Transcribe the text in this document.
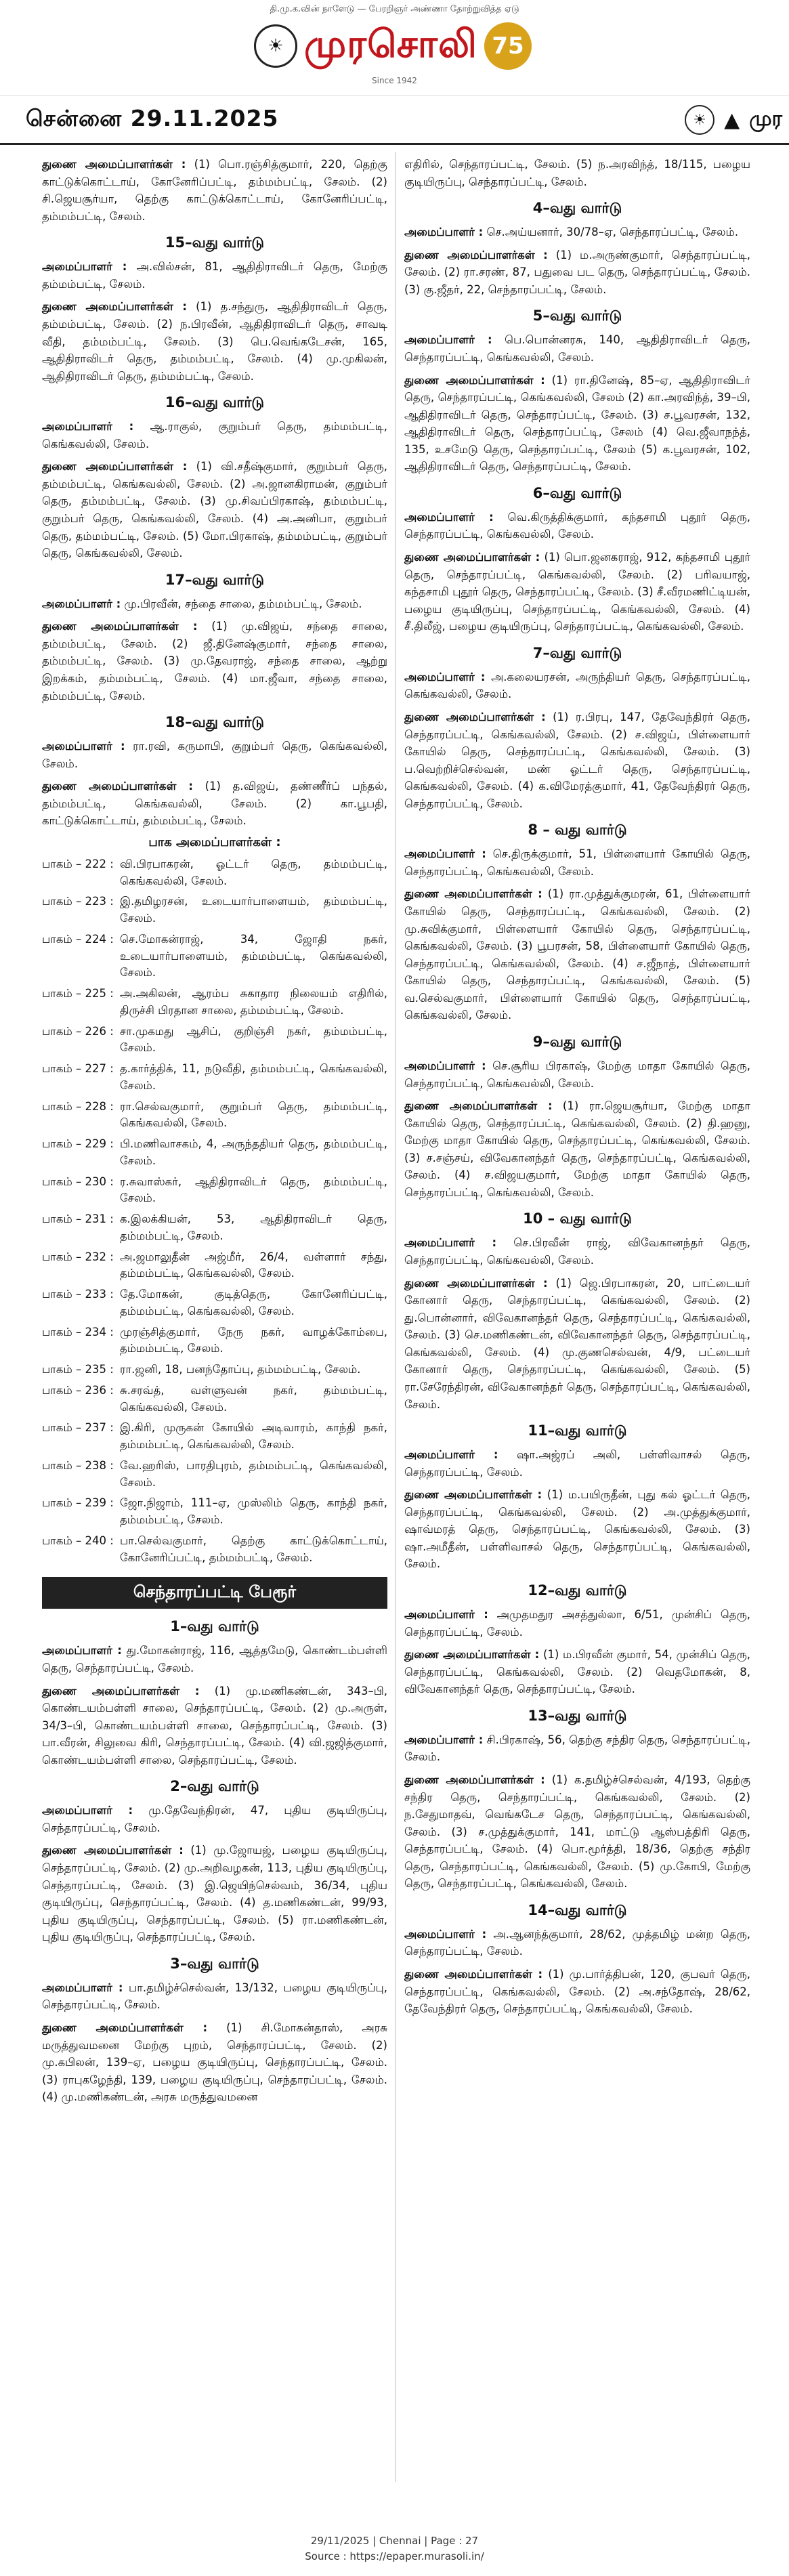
தி.மு.க.வின் நாளேடு — பேரறிஞர் அண்ணா தோற்றுவித்த ஏடு
☀ முரசொலி 75
Since 1942
சென்னை 29.11.2025	☀ ▲ முர

துணை அமைப்பாளர்கள் : (1) பொ.ரஞ்சித்குமார், 220, தெற்கு காட்டுக்கொட்டாய், கோனேரிப்பட்டி, தம்மம்பட்டி, சேலம். (2) சி.ஜெயசூர்யா, தெற்கு காட்டுக்கொட்டாய், கோனேரிப்பட்டி, தம்மம்பட்டி, சேலம்.

15–வது வார்டு

அமைப்பாளர் : அ.வில்சன், 81, ஆதிதிராவிடர் தெரு, மேற்கு தம்மம்பட்டி, சேலம்.

துணை அமைப்பாளர்கள் : (1) த.சந்துரு, ஆதிதிராவிடர் தெரு, தம்மம்பட்டி, சேலம். (2) ந.பிரவீன், ஆதிதிராவிடர் தெரு, சாவடி வீதி, தம்மம்பட்டி, சேலம். (3) பெ.வெங்கடேசன், 165, ஆதிதிராவிடர் தெரு, தம்மம்பட்டி, சேலம். (4) மு.முகிலன், ஆதிதிராவிடர் தெரு, தம்மம்பட்டி, சேலம்.

16–வது வார்டு

அமைப்பாளர் : ஆ.ராகுல், குறும்பர் தெரு, தம்மம்பட்டி, கெங்கவல்லி, சேலம்.

துணை அமைப்பாளர்கள் : (1) வி.சதீஷ்குமார், குறும்பர் தெரு, தம்மம்பட்டி, கெங்கவல்லி, சேலம். (2) அ.ஜானகிராமன், குறும்பர் தெரு, தம்மம்பட்டி, சேலம். (3) மு.சிவப்பிரகாஷ், தம்மம்பட்டி, குறும்பர் தெரு, கெங்கவல்லி, சேலம். (4) அ.அனிபா, குறும்பர் தெரு, தம்மம்பட்டி, சேலம். (5) மோ.பிரகாஷ், தம்மம்பட்டி, குறும்பர் தெரு, கெங்கவல்லி, சேலம்.

17–வது வார்டு

அமைப்பாளர் : மு.பிரவீன், சந்தை சாலை, தம்மம்பட்டி, சேலம்.

துணை அமைப்பாளர்கள் : (1) மு.விஜய், சந்தை சாலை, தம்மம்பட்டி, சேலம். (2) ஜீ.தினேஷ்குமார், சந்தை சாலை, தம்மம்பட்டி, சேலம். (3) மு.தேவராஜ், சந்தை சாலை, ஆற்று இறக்கம், தம்மம்பட்டி, சேலம். (4) மா.ஜீவா, சந்தை சாலை, தம்மம்பட்டி, சேலம்.

18–வது வார்டு

அமைப்பாளர் : ரா.ரவி, கருமாபி, குறும்பர் தெரு, கெங்கவல்லி, சேலம்.

துணை அமைப்பாளர்கள் : (1) த.விஜய், தண்ணீர்ப் பந்தல், தம்மம்பட்டி, கெங்கவல்லி, சேலம். (2) கா.பூபதி, காட்டுக்கொட்டாய், தம்மம்பட்டி, சேலம்.

பாக அமைப்பாளர்கள் :
பாகம் – 222 : வி.பிரபாகரன், ஓட்டர் தெரு, தம்மம்பட்டி, கெங்கவல்லி, சேலம்.
பாகம் – 223 : இ.தமிழரசன், உடையார்பாளையம், தம்மம்பட்டி, சேலம்.
பாகம் – 224 : செ.மோகன்ராஜ், 34, ஜோதி நகர், உடையார்பாளையம், தம்மம்பட்டி, கெங்கவல்லி, சேலம்.
பாகம் – 225 : அ.அகிலன், ஆரம்ப சுகாதார நிலையம் எதிரில், திருச்சி பிரதான சாலை, தம்மம்பட்டி, சேலம்.
பாகம் – 226 : சா.முகமது ஆசிப், குறிஞ்சி நகர், தம்மம்பட்டி, சேலம்.
பாகம் – 227 : த.கார்த்திக், 11, நடுவீதி, தம்மம்பட்டி, கெங்கவல்லி, சேலம்.
பாகம் – 228 : ரா.செல்வகுமார், குறும்பர் தெரு, தம்மம்பட்டி, கெங்கவல்லி, சேலம்.
பாகம் – 229 : பி.மணிவாசகம், 4, அருந்ததியர் தெரு, தம்மம்பட்டி, சேலம்.
பாகம் – 230 : ர.சுவாஸ்கர், ஆதிதிராவிடர் தெரு, தம்மம்பட்டி, சேலம்.
பாகம் – 231 : க.இலக்கியன், 53, ஆதிதிராவிடர் தெரு, தம்மம்பட்டி, சேலம்.
பாகம் – 232 : அ.ஜமாலுதீன் அஜ்மீர், 26/4, வள்ளார் சந்து, தம்மம்பட்டி, கெங்கவல்லி, சேலம்.
பாகம் – 233 : தே.மோகன், குடித்தெரு, கோனேரிப்பட்டி, தம்மம்பட்டி, கெங்கவல்லி, சேலம்.
பாகம் – 234 : முரஞ்சித்குமார், நேரு நகர், வாழக்கோம்பை, தம்மம்பட்டி, சேலம்.
பாகம் – 235 : ரா.ஜனி, 18, பனந்தோப்பு, தம்மம்பட்டி, சேலம்.
பாகம் – 236 : சு.சரவ்த், வள்ளுவன் நகர், தம்மம்பட்டி, கெங்கவல்லி, சேலம்.
பாகம் – 237 : இ.கிரி, முருகன் கோயில் அடிவாரம், காந்தி நகர், தம்மம்பட்டி, கெங்கவல்லி, சேலம்.
பாகம் – 238 : வே.ஹரிஸ், பாரதிபுரம், தம்மம்பட்டி, கெங்கவல்லி, சேலம்.
பாகம் – 239 : ஜோ.நிஜாம், 111–ஏ, முஸ்லிம் தெரு, காந்தி நகர், தம்மம்பட்டி, சேலம்.
பாகம் – 240 : பா.செல்வகுமார், தெற்கு காட்டுக்கொட்டாய், கோனேரிப்பட்டி, தம்மம்பட்டி, சேலம்.
செந்தாரப்பட்டி பேரூர்
1–வது வார்டு

அமைப்பாளர் : து.மோகன்ராஜ், 116, ஆத்தமேடு, கொண்டம்பள்ளி தெரு, செந்தாரப்பட்டி, சேலம்.

துணை அமைப்பாளர்கள் : (1) மு.மணிகண்டன், 343–பி, கொண்டயம்பள்ளி சாலை, செந்தாரப்பட்டி, சேலம். (2) மு.அருள், 34/3–பி, கொண்டயம்பள்ளி சாலை, செந்தாரப்பட்டி, சேலம். (3) பா.வீரன், சிலுவை கிரி, செந்தாரப்பட்டி, சேலம். (4) வி.ஜஜித்குமார், கொண்டயம்பள்ளி சாலை, செந்தாரப்பட்டி, சேலம்.

2–வது வார்டு

அமைப்பாளர் : மு.தேவேந்திரன், 47, புதிய குடியிருப்பு, செந்தாரப்பட்டி, சேலம்.

துணை அமைப்பாளர்கள் : (1) மு.ஜோயஜ், பழைய குடியிருப்பு, செந்தாரப்பட்டி, சேலம். (2) மு.அறிவழகன், 113, புதிய குடியிருப்பு, செந்தாரப்பட்டி, சேலம். (3) இ.ஜெயிந்செல்வம், 36/34, புதிய குடியிருப்பு, செந்தாரப்பட்டி, சேலம். (4) த.மணிகண்டன், 99/93, புதிய குடியிருப்பு, செந்தாரப்பட்டி, சேலம். (5) ரா.மணிகண்டன், புதிய குடியிருப்பு, செந்தாரப்பட்டி, சேலம்.

3–வது வார்டு

அமைப்பாளர் : பா.தமிழ்ச்செல்வன், 13/132, பழைய குடியிருப்பு, செந்தாரப்பட்டி, சேலம்.

துணை அமைப்பாளர்கள் : (1) சி.மோகன்தாஸ், அரசு மருத்துவமனை மேற்கு புறம், செந்தாரப்பட்டி, சேலம். (2) மு.கபிலன், 139–ஏ, பழைய குடியிருப்பு, செந்தாரப்பட்டி, சேலம். (3) ராபுகழேந்தி, 139, பழைய குடியிருப்பு, செந்தாரப்பட்டி, சேலம். (4) மு.மணிகண்டன், அரசு மருத்துவமனை

எதிரில், செந்தாரப்பட்டி, சேலம். (5) ந.அரவிந்த், 18/115, பழைய குடியிருப்பு, செந்தாரப்பட்டி, சேலம்.

4–வது வார்டு

அமைப்பாளர் : செ.அய்யனார், 30/78–ஏ, செந்தாரப்பட்டி, சேலம்.

துணை அமைப்பாளர்கள் : (1) ம.அருண்குமார், செந்தாரப்பட்டி, சேலம். (2) ரா.சரண், 87, பதுவை பட தெரு, செந்தாரப்பட்டி, சேலம். (3) கு.ஜீதர், 22, செந்தாரப்பட்டி, சேலம்.

5–வது வார்டு

அமைப்பாளர் : பெ.பொன்னரசு, 140, ஆதிதிராவிடர் தெரு, செந்தாரப்பட்டி, கெங்கவல்லி, சேலம்.

துணை அமைப்பாளர்கள் : (1) ரா.தினேஷ், 85–ஏ, ஆதிதிராவிடர் தெரு, செந்தாரப்பட்டி, கெங்கவல்லி, சேலம் (2) கா.அரவிந்த், 39–பி, ஆதிதிராவிடர் தெரு, செந்தாரப்பட்டி, சேலம். (3) ச.பூவரசன், 132, ஆதிதிராவிடர் தெரு, செந்தாரப்பட்டி, சேலம் (4) வெ.ஜீவாநந்த், 135, உசமேடு தெரு, செந்தாரப்பட்டி, சேலம் (5) க.பூவரசன், 102, ஆதிதிராவிடர் தெரு, செந்தாரப்பட்டி, சேலம்.

6–வது வார்டு

அமைப்பாளர் : வெ.கிருத்திக்குமார், கந்தசாமி புதூர் தெரு, செந்தாரப்பட்டி, கெங்கவல்லி, சேலம்.

துணை அமைப்பாளர்கள் : (1) பொ.ஜனகராஜ், 912, கந்தசாமி புதூர் தெரு, செந்தாரப்பட்டி, கெங்கவல்லி, சேலம். (2) பரிவயாஜ், கந்தசாமி புதூர் தெரு, செந்தாரப்பட்டி, சேலம். (3) சீ.வீரமணிட்டியன், பழைய குடியிருப்பு, செந்தாரப்பட்டி, கெங்கவல்லி, சேலம். (4) சீ.திலீஜ், பழைய குடியிருப்பு, செந்தாரப்பட்டி, கெங்கவல்லி, சேலம்.

7–வது வார்டு

அமைப்பாளர் : அ.கலையரசன், அருந்தியர் தெரு, செந்தாரப்பட்டி, கெங்கவல்லி, சேலம்.

துணை அமைப்பாளர்கள் : (1) ர.பிரபு, 147, தேவேந்திரர் தெரு, செந்தாரப்பட்டி, கெங்கவல்லி, சேலம். (2) ச.விஜய், பிள்ளையார் கோயில் தெரு, செந்தாரப்பட்டி, கெங்கவல்லி, சேலம். (3) ப.வெற்றிச்செல்வன், மண் ஓட்டர் தெரு, செந்தாரப்பட்டி, கெங்கவல்லி, சேலம். (4) க.விமேரத்குமார், 41, தேவேந்திரர் தெரு, செந்தாரப்பட்டி, சேலம்.

8 – வது வார்டு

அமைப்பாளர் : செ.திருக்குமார், 51, பிள்ளையார் கோயில் தெரு, செந்தாரப்பட்டி, கெங்கவல்லி, சேலம்.

துணை அமைப்பாளர்கள் : (1) ரா.முத்துக்குமரன், 61, பிள்ளையார் கோயில் தெரு, செந்தாரப்பட்டி, கெங்கவல்லி, சேலம். (2) மு.சுவிக்குமார், பிள்ளையார் கோயில் தெரு, செந்தாரப்பட்டி, கெங்கவல்லி, சேலம். (3) பூபரசன், 58, பிள்ளையார் கோயில் தெரு, செந்தாரப்பட்டி, கெங்கவல்லி, சேலம். (4) ச.ஜீநாத், பிள்ளையார் கோயில் தெரு, செந்தாரப்பட்டி, கெங்கவல்லி, சேலம். (5) வ.செல்வகுமார், பிள்ளையார் கோயில் தெரு, செந்தாரப்பட்டி, கெங்கவல்லி, சேலம்.

9–வது வார்டு

அமைப்பாளர் : செ.சூரிய பிரகாஷ், மேற்கு மாதா கோயில் தெரு, செந்தாரப்பட்டி, கெங்கவல்லி, சேலம்.

துணை அமைப்பாளர்கள் : (1) ரா.ஜெயசூர்யா, மேற்கு மாதா கோயில் தெரு, செந்தாரப்பட்டி, கெங்கவல்லி, சேலம். (2) தி.ஹனு, மேற்கு மாதா கோயில் தெரு, செந்தாரப்பட்டி, கெங்கவல்லி, சேலம். (3) ச.சஞ்சய், விவேகானந்தர் தெரு, செந்தாரப்பட்டி, கெங்கவல்லி, சேலம். (4) ச.விஜயகுமார், மேற்கு மாதா கோயில் தெரு, செந்தாரப்பட்டி, கெங்கவல்லி, சேலம்.

10 – வது வார்டு

அமைப்பாளர் : செ.பிரவீன் ராஜ், விவேகானந்தர் தெரு, செந்தாரப்பட்டி, கெங்கவல்லி, சேலம்.

துணை அமைப்பாளர்கள் : (1) ஜெ.பிரபாகரன், 20, பாட்டையர் கோனார் தெரு, செந்தாரப்பட்டி, கெங்கவல்லி, சேலம். (2) து.பொன்னார், விவேகானந்தர் தெரு, செந்தாரப்பட்டி, கெங்கவல்லி, சேலம். (3) செ.மணிகண்டன், விவேகானந்தர் தெரு, செந்தாரப்பட்டி, கெங்கவல்லி, சேலம். (4) மு.குணசெல்வன், 4/9, பட்டையர் கோனார் தெரு, செந்தாரப்பட்டி, கெங்கவல்லி, சேலம். (5) ரா.சேரேந்திரன், விவேகானந்தர் தெரு, செந்தாரப்பட்டி, கெங்கவல்லி, சேலம்.

11–வது வார்டு

அமைப்பாளர் : ஷா.அஜ்ரப் அலி, பள்ளிவாசல் தெரு, செந்தாரப்பட்டி, சேலம்.

துணை அமைப்பாளர்கள் : (1) ம.பயிருதீன், புது கல் ஓட்டர் தெரு, செந்தாரப்பட்டி, கெங்கவல்லி, சேலம். (2) அ.முத்துக்குமார், ஷாவ்மரத் தெரு, செந்தாரப்பட்டி, கெங்கவல்லி, சேலம். (3) ஷா.அமீதீன், பள்ளிவாசல் தெரு, செந்தாரப்பட்டி, கெங்கவல்லி, சேலம்.

12–வது வார்டு

அமைப்பாளர் : அமுதமதுர அசத்துல்லா, 6/51, முன்சிப் தெரு, செந்தாரப்பட்டி, சேலம்.

துணை அமைப்பாளர்கள் : (1) ம.பிரவீன் குமார், 54, முன்சிப் தெரு, செந்தாரப்பட்டி, கெங்கவல்லி, சேலம். (2) வெதமோகன், 8, விவேகானந்தர் தெரு, செந்தாரப்பட்டி, சேலம்.

13–வது வார்டு

அமைப்பாளர் : சி.பிரகாஷ், 56, தெற்கு சந்திர தெரு, செந்தாரப்பட்டி, சேலம்.

துணை அமைப்பாளர்கள் : (1) க.தமிழ்ச்செல்வன், 4/193, தெற்கு சந்திர தெரு, செந்தாரப்பட்டி, கெங்கவல்லி, சேலம். (2) ந.சேதுமாதவ், வெங்கடேச தெரு, செந்தாரப்பட்டி, கெங்கவல்லி, சேலம். (3) ச.முத்துக்குமார், 141, மாட்டு ஆஸ்பத்திரி தெரு, செந்தாரப்பட்டி, சேலம். (4) பொ.மூர்த்தி, 18/36, தெற்கு சந்திர தெரு, செந்தாரப்பட்டி, கெங்கவல்லி, சேலம். (5) மு.கோபி, மேற்கு தெரு, செந்தாரப்பட்டி, கெங்கவல்லி, சேலம்.

14–வது வார்டு

அமைப்பாளர் : அ.ஆனந்த்குமார், 28/62, முத்தமிழ் மன்ற தெரு, செந்தாரப்பட்டி, சேலம்.

துணை அமைப்பாளர்கள் : (1) மு.பார்த்திபன், 120, குபவர் தெரு, செந்தாரப்பட்டி, கெங்கவல்லி, சேலம். (2) அ.சந்தோஷ், 28/62, தேவேந்திரர் தெரு, செந்தாரப்பட்டி, கெங்கவல்லி, சேலம்.

29/11/2025 | Chennai | Page : 27
Source : https://epaper.murasoli.in/
